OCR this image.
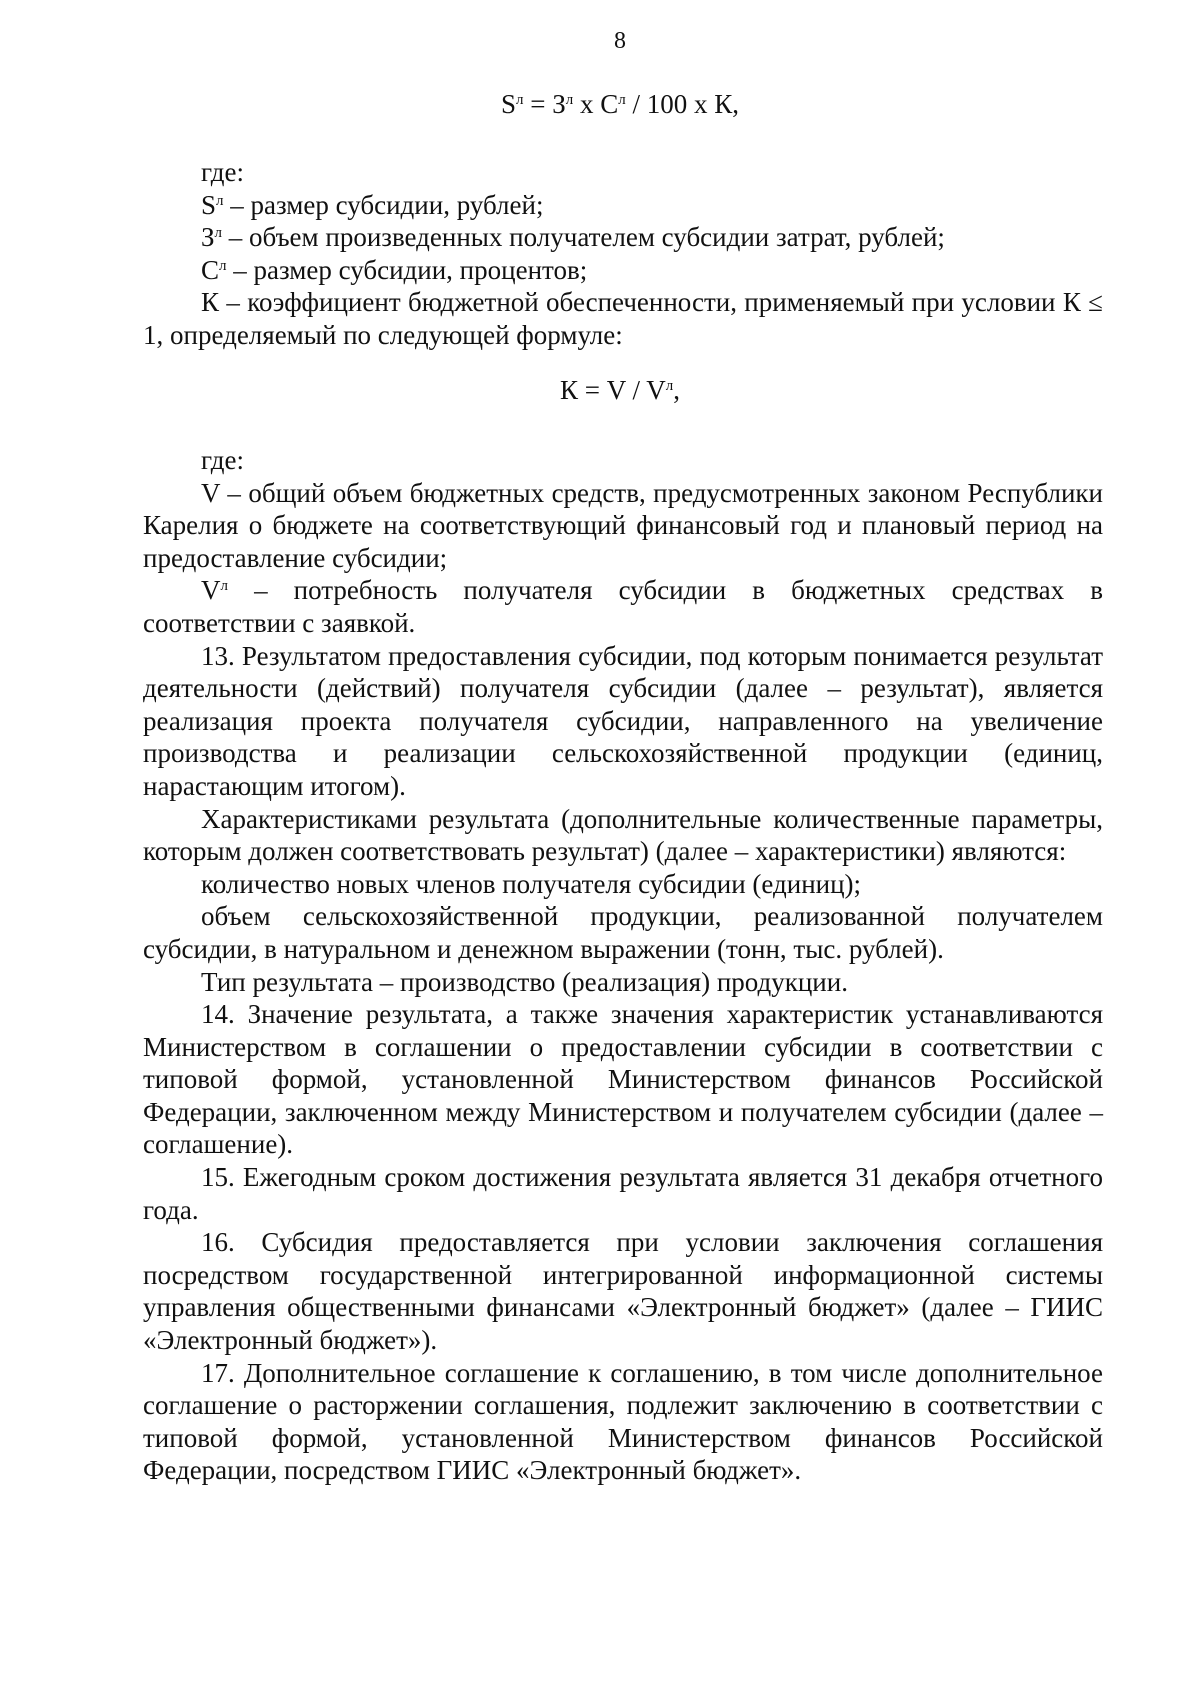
8
$S^л = З^л$ х $С^л / 100$ х К,

где:

$S^л$ – размер субсидии, рублей;

$З^л$ – объем произведенных получателем субсидии затрат, рублей;

$С^л$ – размер субсидии, процентов;

К – коэффициент бюджетной обеспеченности, применяемый при условии К ≤ 1, определяемый по следующей формуле:

$К = V / V^л$,

где:

V – общий объем бюджетных средств, предусмотренных законом Республики Карелия о бюджете на соответствующий финансовый год и плановый период на предоставление субсидии;

$V^л$ – потребность получателя субсидии в бюджетных средствах в соответствии с заявкой.

13. Результатом предоставления субсидии, под которым понимается результат деятельности (действий) получателя субсидии (далее – результат), является реализация проекта получателя субсидии, направленного на увеличение производства и реализации сельскохозяйственной продукции (единиц, нарастающим итогом).

Характеристиками результата (дополнительные количественные параметры, которым должен соответствовать результат) (далее – характеристики) являются:

количество новых членов получателя субсидии (единиц);

объем сельскохозяйственной продукции, реализованной получателем субсидии, в натуральном и денежном выражении (тонн, тыс. рублей).

Тип результата – производство (реализация) продукции.

14. Значение результата, а также значения характеристик устанавливаются Министерством в соглашении о предоставлении субсидии в соответствии с типовой формой, установленной Министерством финансов Российской Федерации, заключенном между Министерством и получателем субсидии (далее – соглашение).

15. Ежегодным сроком достижения результата является 31 декабря отчетного года.

16. Субсидия предоставляется при условии заключения соглашения посредством государственной интегрированной информационной системы управления общественными финансами «Электронный бюджет» (далее – ГИИС «Электронный бюджет»).

17. Дополнительное соглашение к соглашению, в том числе дополнительное соглашение о расторжении соглашения, подлежит заключению в соответствии с типовой формой, установленной Министерством финансов Российской Федерации, посредством ГИИС «Электронный бюджет».
